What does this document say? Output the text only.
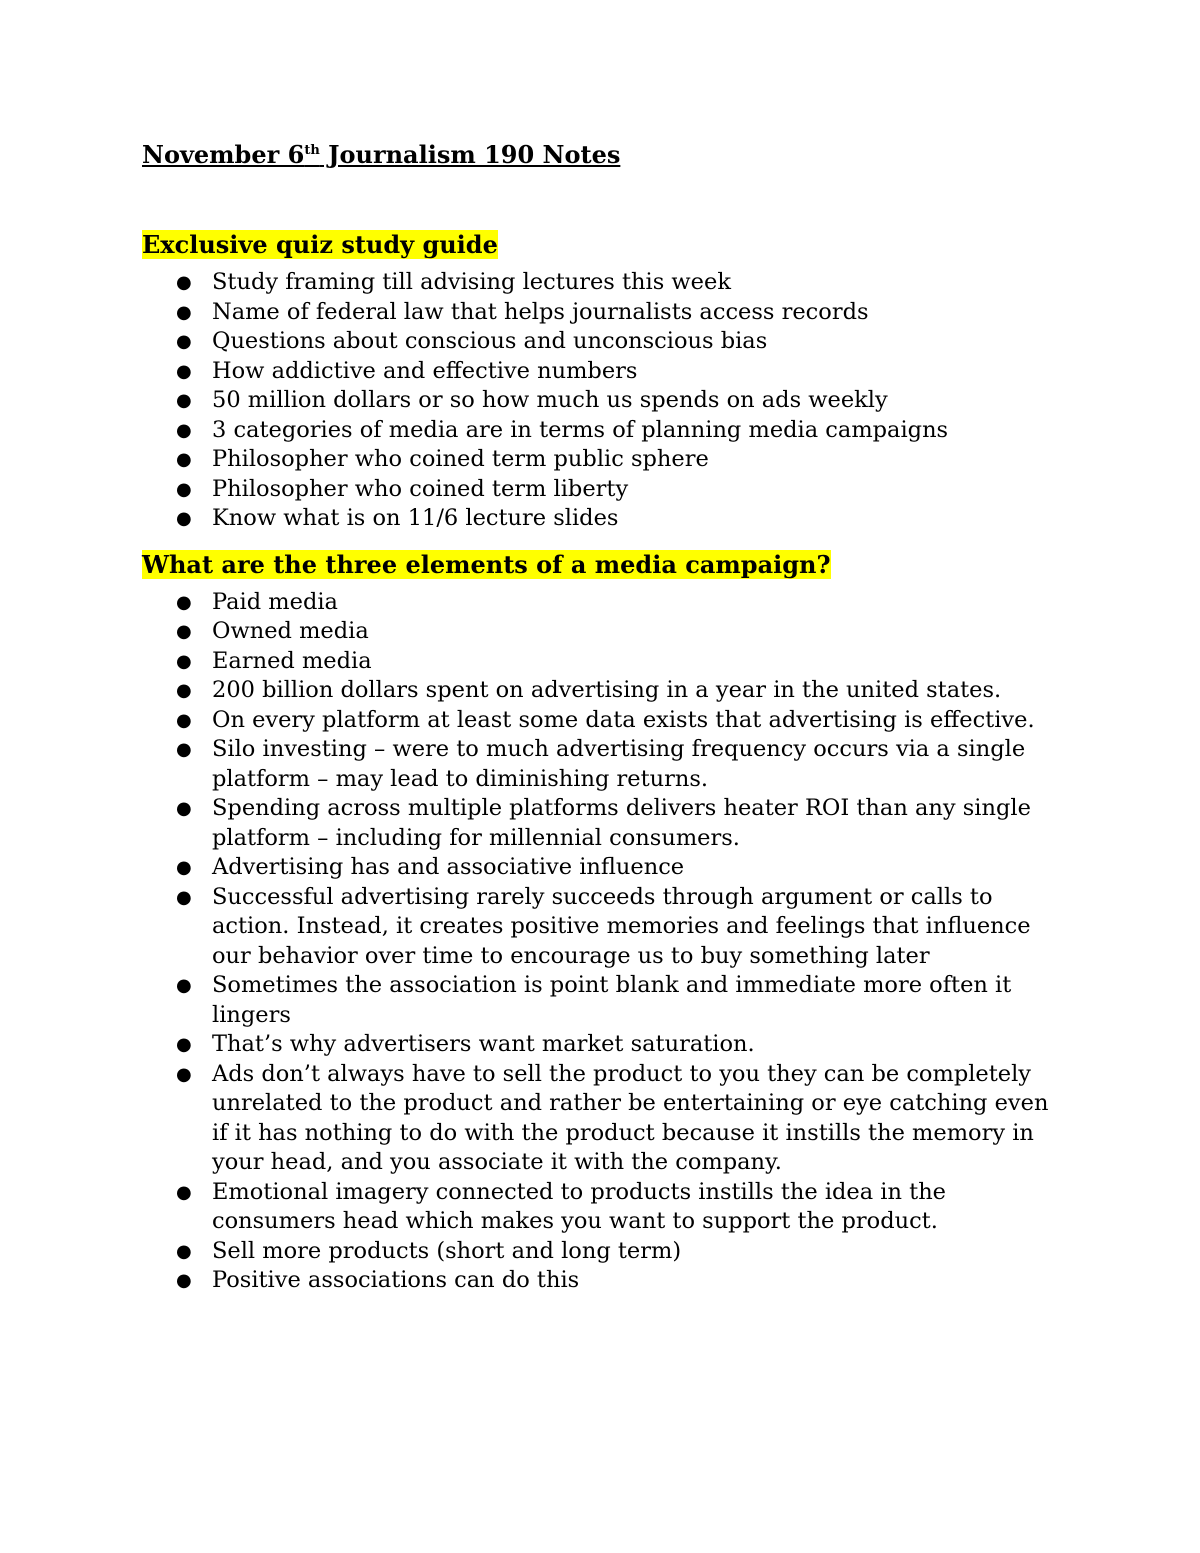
November 6th Journalism 190 Notes
Exclusive quiz study guide
● Study framing till advising lectures this week
● Name of federal law that helps journalists access records
● Questions about conscious and unconscious bias
● How addictive and effective numbers
● 50 million dollars or so how much us spends on ads weekly
● 3 categories of media are in terms of planning media campaigns
● Philosopher who coined term public sphere
● Philosopher who coined term liberty
● Know what is on 11/6 lecture slides
What are the three elements of a media campaign?
● Paid media
● Owned media
● Earned media
● 200 billion dollars spent on advertising in a year in the united states.
● On every platform at least some data exists that advertising is effective.
● Silo investing – were to much advertising frequency occurs via a single platform – may lead to diminishing returns.
● Spending across multiple platforms delivers heater ROI than any single platform – including for millennial consumers.
● Advertising has and associative influence
● Successful advertising rarely succeeds through argument or calls to action. Instead, it creates positive memories and feelings that influence our behavior over time to encourage us to buy something later
● Sometimes the association is point blank and immediate more often it lingers
● That’s why advertisers want market saturation.
● Ads don’t always have to sell the product to you they can be completely unrelated to the product and rather be entertaining or eye catching even if it has nothing to do with the product because it instills the memory in your head, and you associate it with the company.
● Emotional imagery connected to products instills the idea in the consumers head which makes you want to support the product.
● Sell more products (short and long term)
● Positive associations can do this
